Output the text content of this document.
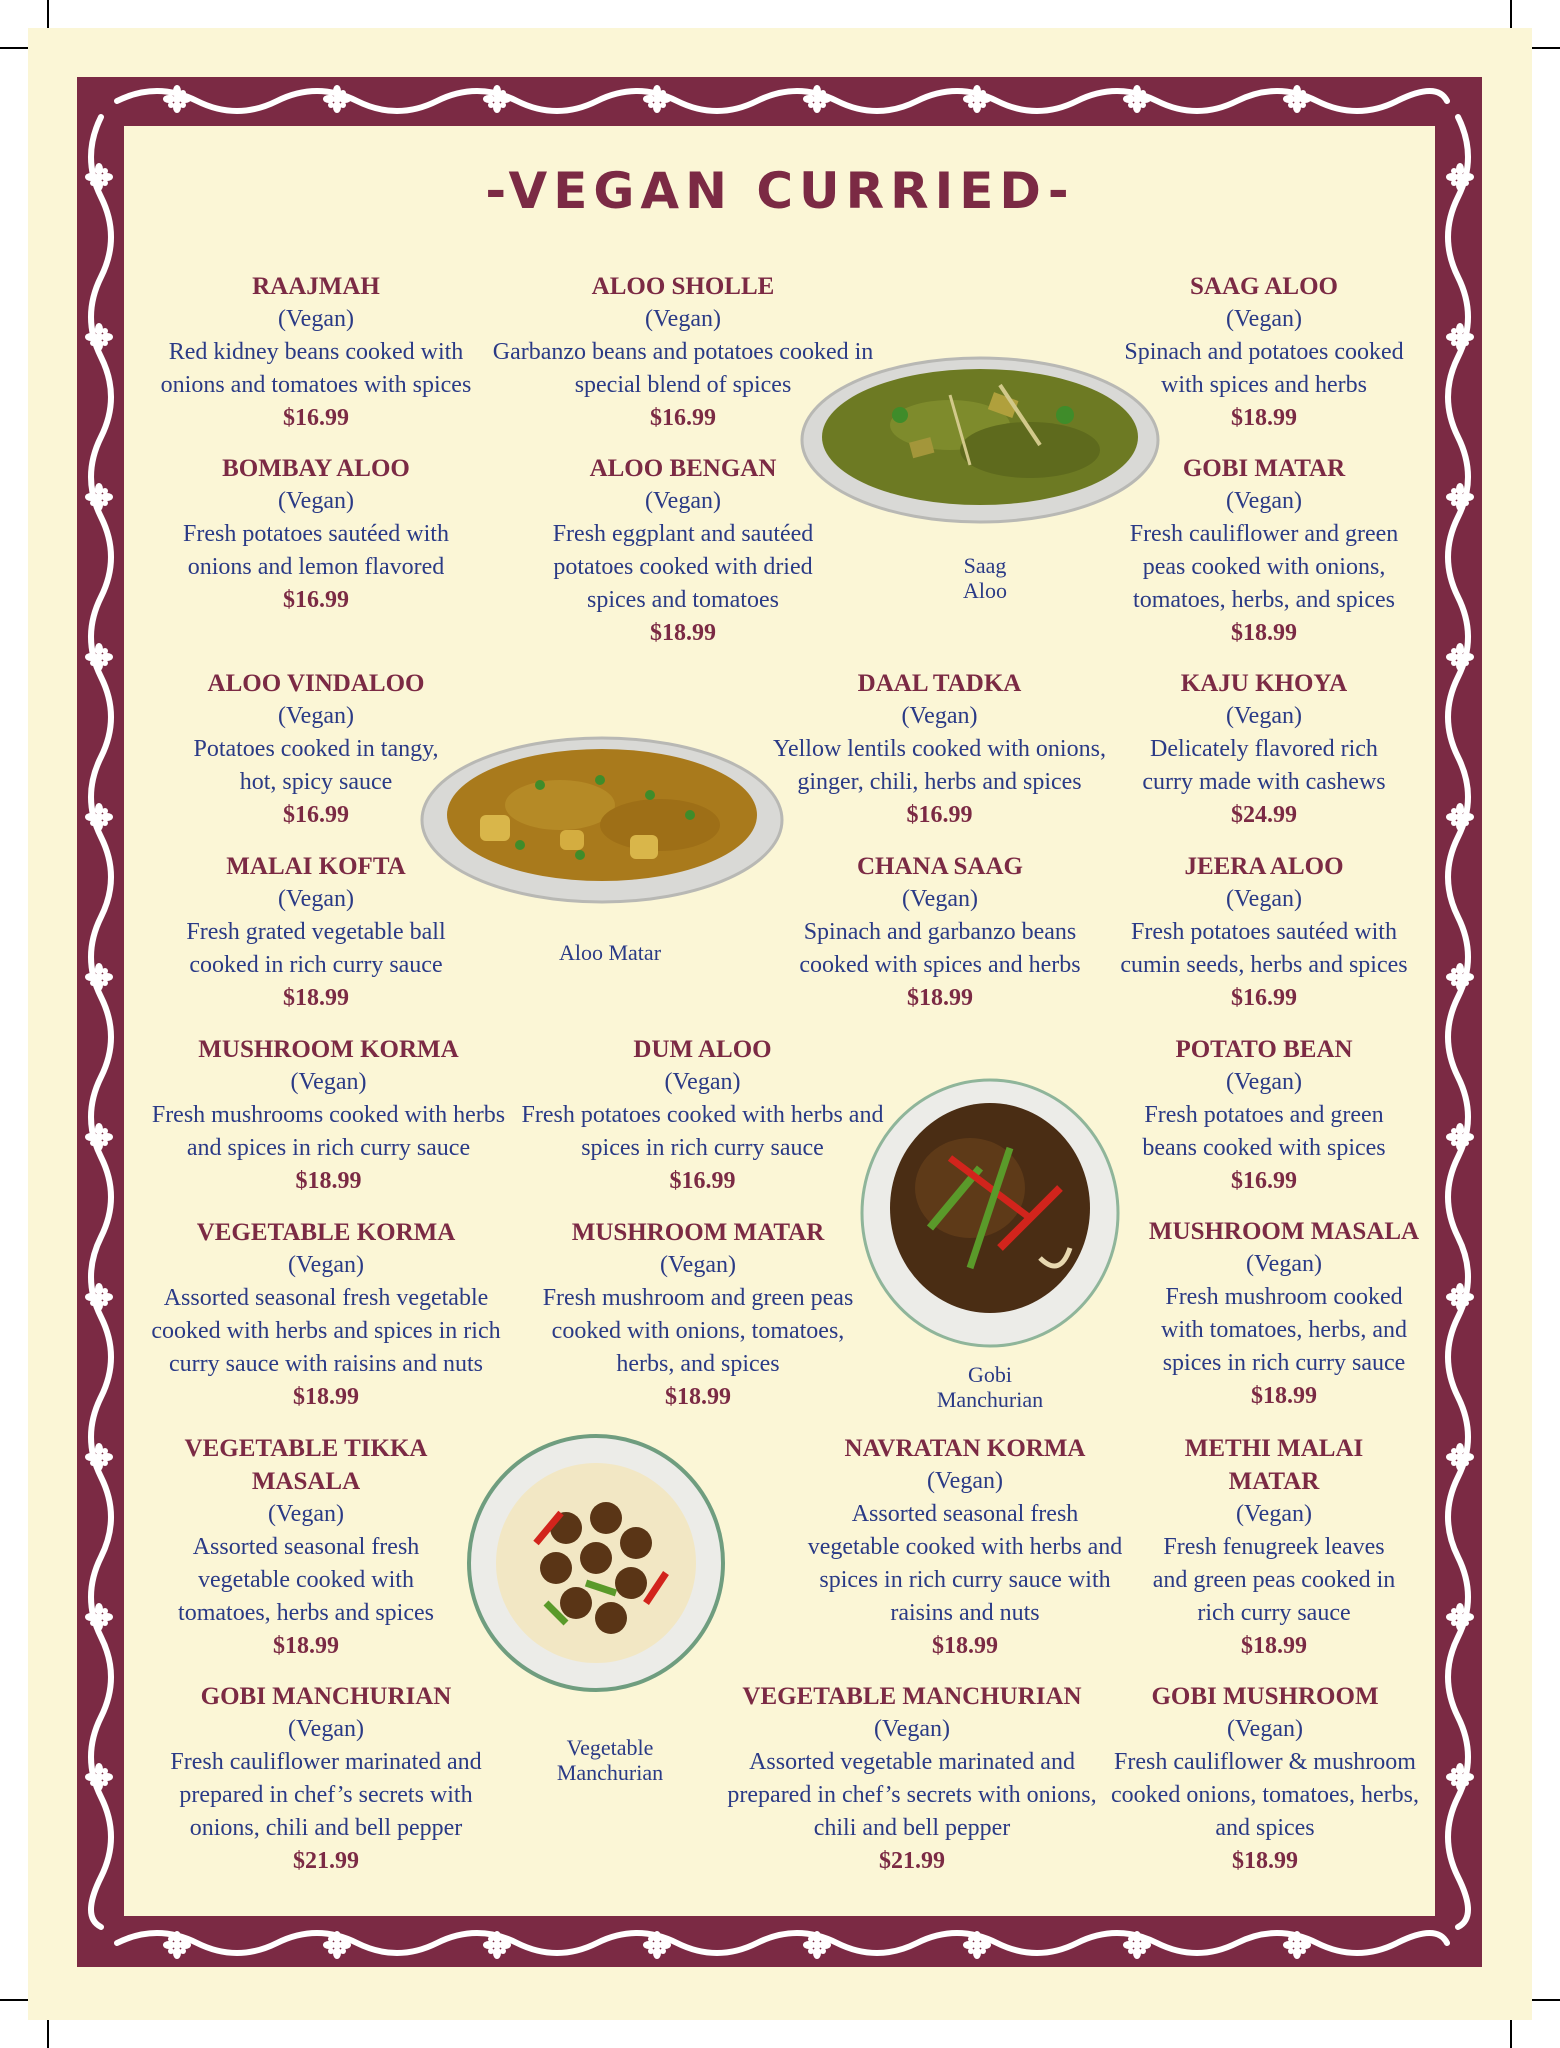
-VEGAN CURRIED-
RAAJMAH
(Vegan)
Red kidney beans cooked with onions and tomatoes with spices
$16.99
ALOO SHOLLE
(Vegan)
Garbanzo beans and potatoes cooked in special blend of spices
$16.99
SAAG ALOO
(Vegan)
Spinach and potatoes cooked with spices and herbs
$18.99
BOMBAY ALOO
(Vegan)
Fresh potatoes sautéed with onions and lemon flavored
$16.99
ALOO BENGAN
(Vegan)
Fresh eggplant and sautéed potatoes cooked with dried spices and tomatoes
$18.99
GOBI MATAR
(Vegan)
Fresh cauliflower and green peas cooked with onions, tomatoes, herbs, and spices
$18.99
ALOO VINDALOO
(Vegan)
Potatoes cooked in tangy, hot, spicy sauce
$16.99
DAAL TADKA
(Vegan)
Yellow lentils cooked with onions, ginger, chili, herbs and spices
$16.99
KAJU KHOYA
(Vegan)
Delicately flavored rich curry made with cashews
$24.99
MALAI KOFTA
(Vegan)
Fresh grated vegetable ball cooked in rich curry sauce
$18.99
CHANA SAAG
(Vegan)
Spinach and garbanzo beans cooked with spices and herbs
$18.99
JEERA ALOO
(Vegan)
Fresh potatoes sautéed with cumin seeds, herbs and spices
$16.99
MUSHROOM KORMA
(Vegan)
Fresh mushrooms cooked with herbs and spices in rich curry sauce
$18.99
DUM ALOO
(Vegan)
Fresh potatoes cooked with herbs and spices in rich curry sauce
$16.99
POTATO BEAN
(Vegan)
Fresh potatoes and green beans cooked with spices
$16.99
VEGETABLE KORMA
(Vegan)
Assorted seasonal fresh vegetable cooked with herbs and spices in rich curry sauce with raisins and nuts
$18.99
MUSHROOM MATAR
(Vegan)
Fresh mushroom and green peas cooked with onions, tomatoes, herbs, and spices
$18.99
MUSHROOM MASALA
(Vegan)
Fresh mushroom cooked with tomatoes, herbs, and spices in rich curry sauce
$18.99
VEGETABLE TIKKA MASALA
(Vegan)
Assorted seasonal fresh vegetable cooked with tomatoes, herbs and spices
$18.99
NAVRATAN KORMA
(Vegan)
Assorted seasonal fresh vegetable cooked with herbs and spices in rich curry sauce with raisins and nuts
$18.99
METHI MALAI MATAR
(Vegan)
Fresh fenugreek leaves and green peas cooked in rich curry sauce
$18.99
GOBI MANCHURIAN
(Vegan)
Fresh cauliflower marinated and prepared in chef’s secrets with onions, chili and bell pepper
$21.99
VEGETABLE MANCHURIAN
(Vegan)
Assorted vegetable marinated and prepared in chef’s secrets with onions, chili and bell pepper
$21.99
GOBI MUSHROOM
(Vegan)
Fresh cauliflower & mushroom cooked onions, tomatoes, herbs, and spices
$18.99
Saag Aloo
Aloo Matar
Gobi Manchurian
Vegetable Manchurian
